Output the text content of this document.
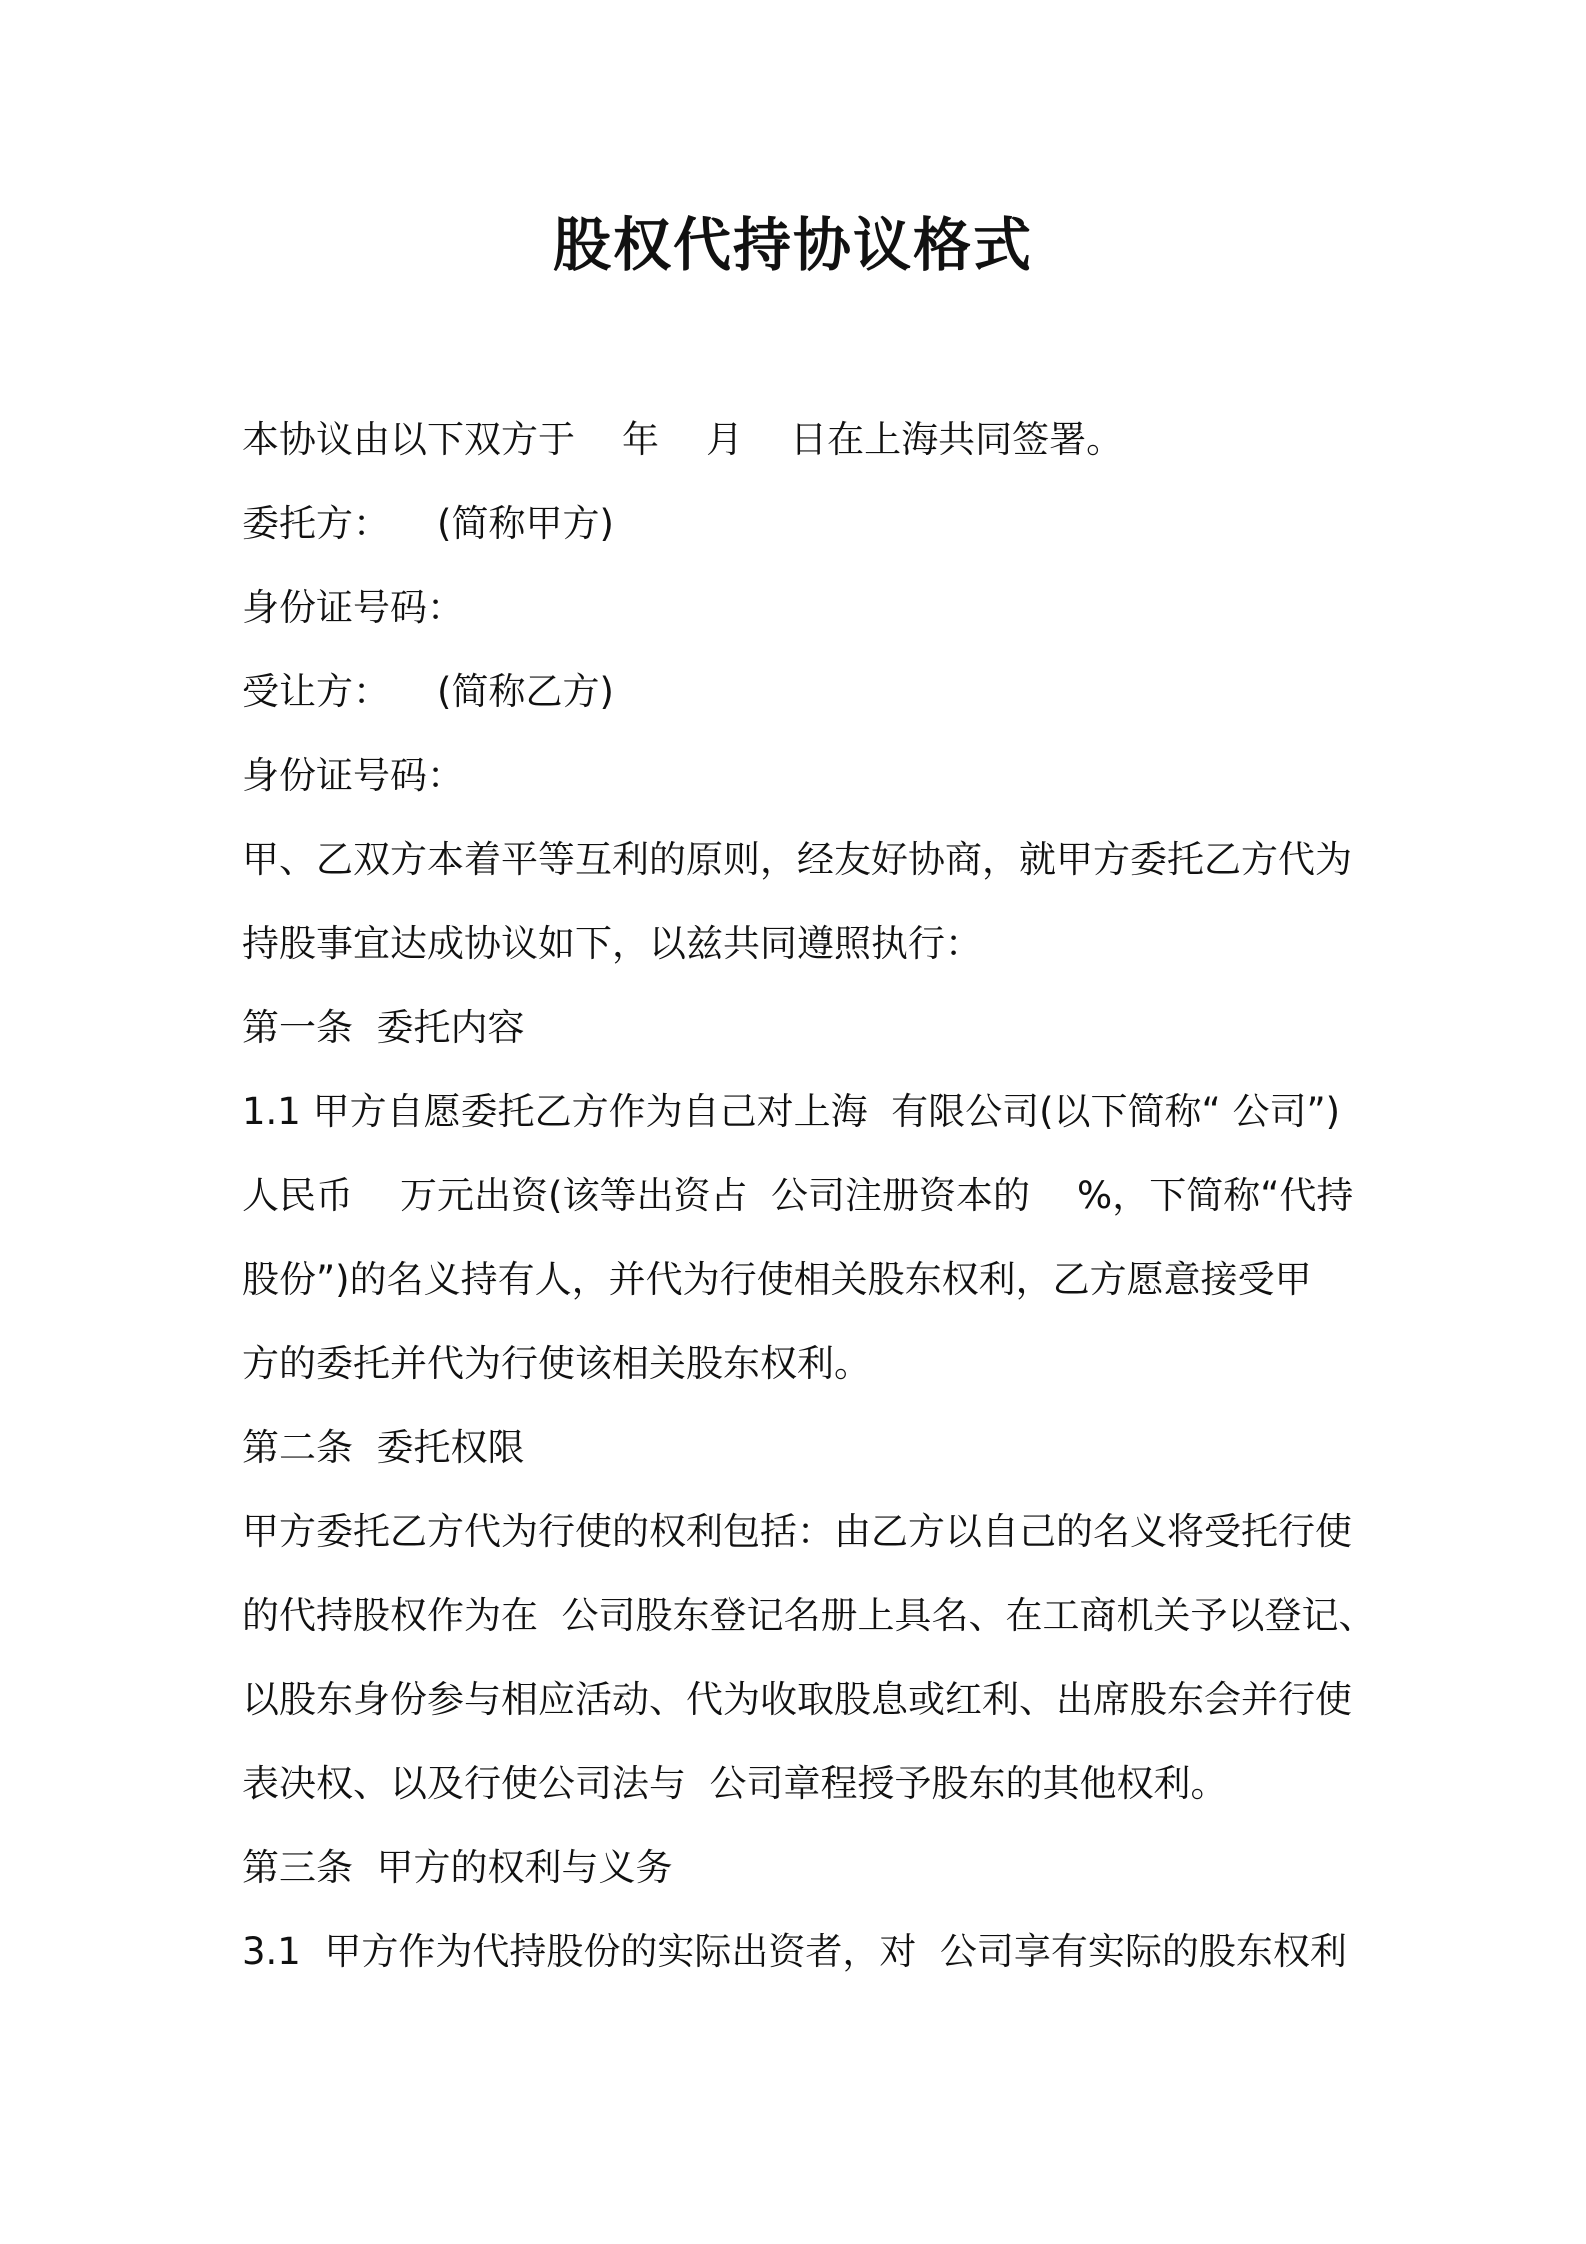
股权代持协议格式

本协议由以下双方于    年    月    日在上海共同签署。

委托方：    (简称甲方)

身份证号码：

受让方：    (简称乙方)

身份证号码：

甲、乙双方本着平等互利的原则，经友好协商，就甲方委托乙方代为

持股事宜达成协议如下，以兹共同遵照执行：

第一条  委托内容

1.1 甲方自愿委托乙方作为自己对上海  有限公司(以下简称“ 公司”)

人民币    万元出资(该等出资占  公司注册资本的    %，下简称“代持

股份”)的名义持有人，并代为行使相关股东权利，乙方愿意接受甲

方的委托并代为行使该相关股东权利。

第二条  委托权限

甲方委托乙方代为行使的权利包括：由乙方以自己的名义将受托行使

的代持股权作为在  公司股东登记名册上具名、在工商机关予以登记、

以股东身份参与相应活动、代为收取股息或红利、出席股东会并行使

表决权、以及行使公司法与  公司章程授予股东的其他权利。

第三条  甲方的权利与义务

3.1  甲方作为代持股份的实际出资者，对  公司享有实际的股东权利
